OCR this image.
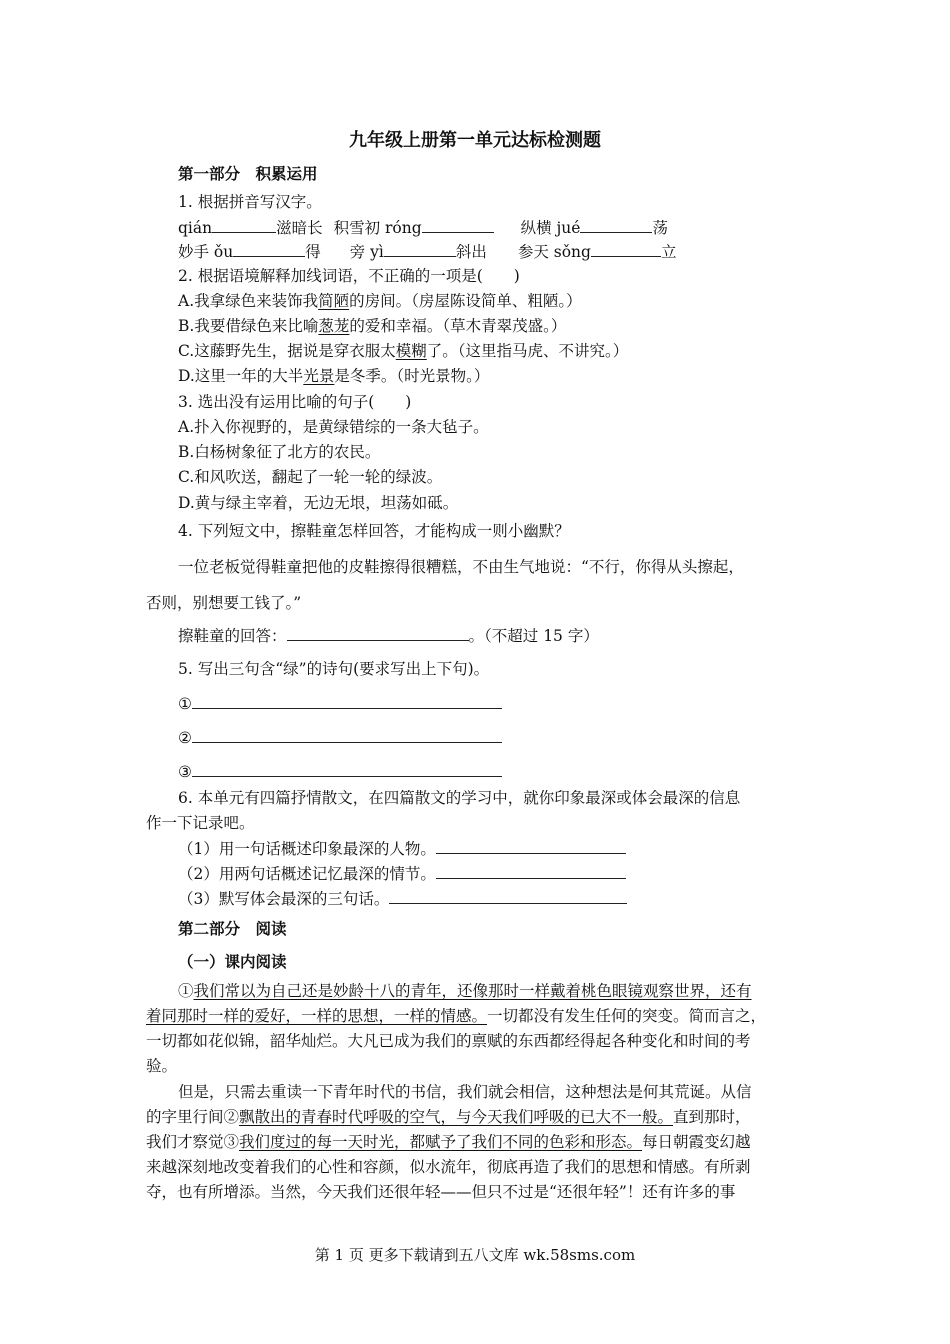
九年级上册第一单元达标检测题
第一部分　积累运用
1. 根据拼音写汉字。
qián	滋暗长 积雪初 róng	纵横 jué	荡
妙手 ǒu	得 旁 yì	斜出 参天 sǒng	立
2. 根据语境解释加线词语，不正确的一项是(　　)
A.我拿绿色来装饰我简陋的房间。（房屋陈设简单、粗陋。）
B.我要借绿色来比喻葱茏的爱和幸福。（草木青翠茂盛。）
C.这藤野先生，据说是穿衣服太模糊了。（这里指马虎、不讲究。）
D.这里一年的大半光景是冬季。（时光景物。）
3. 选出没有运用比喻的句子(　　)
A.扑入你视野的，是黄绿错综的一条大毡子。
B.白杨树象征了北方的农民。
C.和风吹送，翻起了一轮一轮的绿波。
D.黄与绿主宰着，无边无垠，坦荡如砥。
4. 下列短文中，擦鞋童怎样回答，才能构成一则小幽默？
一位老板觉得鞋童把他的皮鞋擦得很糟糕，不由生气地说：“不行，你得从头擦起，
否则，别想要工钱了。”
擦鞋童的回答：	。（不超过 15 字）
5. 写出三句含“绿”的诗句(要求写出上下句)。
①
②
③
6. 本单元有四篇抒情散文，在四篇散文的学习中，就你印象最深或体会最深的信息
作一下记录吧。
（1）用一句话概述印象最深的人物。
（2）用两句话概述记忆最深的情节。
（3）默写体会最深的三句话。
第二部分　阅读
（一）课内阅读
①我们常以为自己还是妙龄十八的青年，还像那时一样戴着桃色眼镜观察世界，还有
着同那时一样的爱好，一样的思想，一样的情感。一切都没有发生任何的突变。简而言之，
一切都如花似锦，韶华灿烂。大凡已成为我们的禀赋的东西都经得起各种变化和时间的考
验。
但是，只需去重读一下青年时代的书信，我们就会相信，这种想法是何其荒诞。从信
的字里行间②飘散出的青春时代呼吸的空气，与今天我们呼吸的已大不一般。直到那时，
我们才察觉③我们度过的每一天时光，都赋予了我们不同的色彩和形态。每日朝霞变幻越
来越深刻地改变着我们的心性和容颜，似水流年，彻底再造了我们的思想和情感。有所剥
夺，也有所增添。当然，今天我们还很年轻——但只不过是“还很年轻”！还有许多的事
第 1 页 更多下载请到五八文库 wk.58sms.com
